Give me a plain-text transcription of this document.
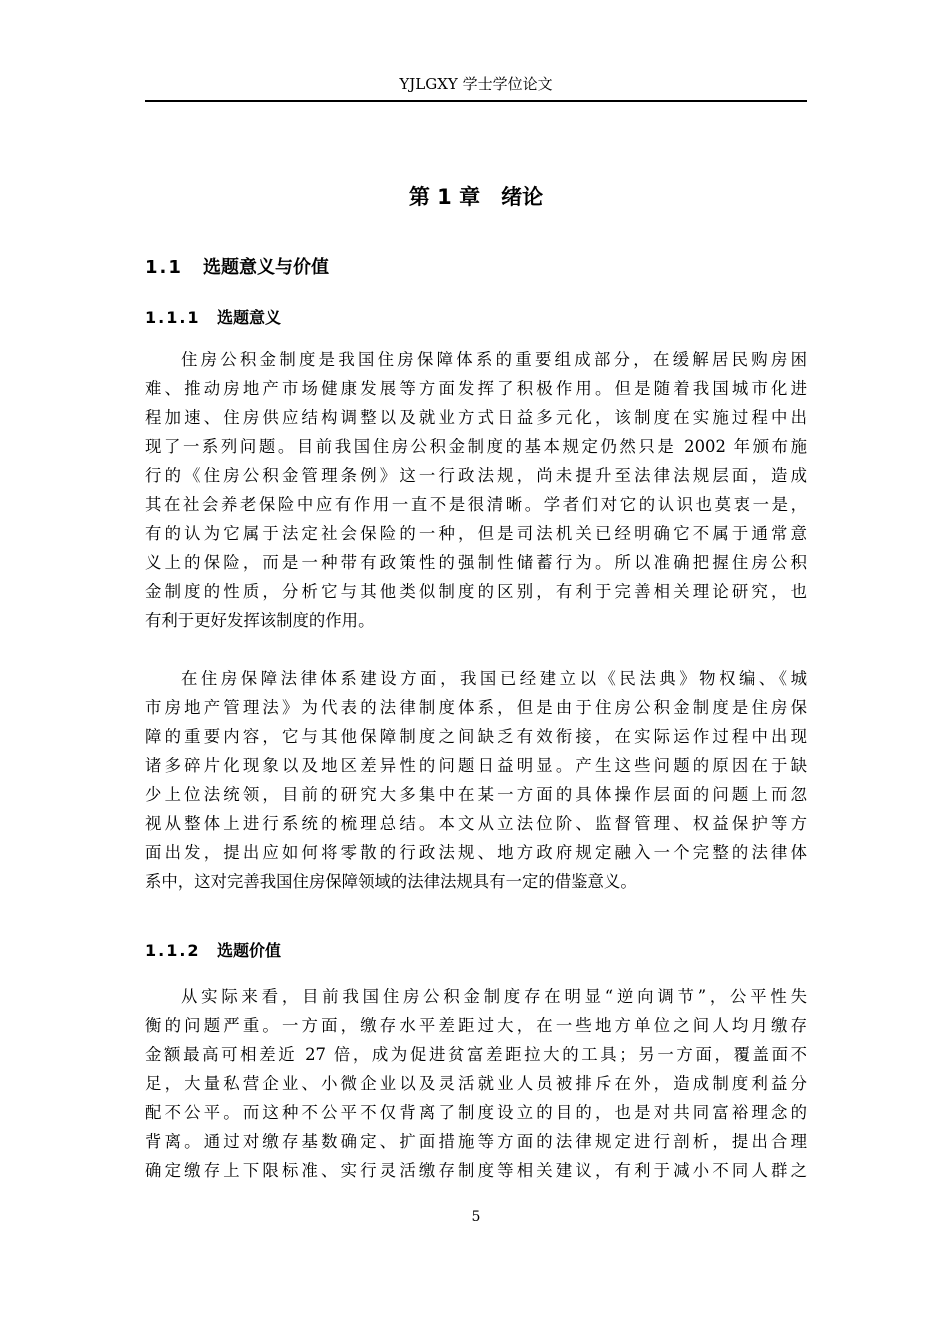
YJLGXY 学士学位论文
第 1 章　绪论
1.1 选题意义与价值
1.1.1 选题意义
住房公积金制度是我国住房保障体系的重要组成部分，在缓解居民购房困
难、推动房地产市场健康发展等方面发挥了积极作用。但是随着我国城市化进
程加速、住房供应结构调整以及就业方式日益多元化，该制度在实施过程中出
现了一系列问题。目前我国住房公积金制度的基本规定仍然只是 2002 年颁布施
行的《住房公积金管理条例》这一行政法规，尚未提升至法律法规层面，造成
其在社会养老保险中应有作用一直不是很清晰。学者们对它的认识也莫衷一是，
有的认为它属于法定社会保险的一种，但是司法机关已经明确它不属于通常意
义上的保险，而是一种带有政策性的强制性储蓄行为。所以准确把握住房公积
金制度的性质，分析它与其他类似制度的区别，有利于完善相关理论研究，也
有利于更好发挥该制度的作用。
在住房保障法律体系建设方面，我国已经建立以《民法典》物权编、《城
市房地产管理法》为代表的法律制度体系，但是由于住房公积金制度是住房保
障的重要内容，它与其他保障制度之间缺乏有效衔接，在实际运作过程中出现
诸多碎片化现象以及地区差异性的问题日益明显。产生这些问题的原因在于缺
少上位法统领，目前的研究大多集中在某一方面的具体操作层面的问题上而忽
视从整体上进行系统的梳理总结。本文从立法位阶、监督管理、权益保护等方
面出发，提出应如何将零散的行政法规、地方政府规定融入一个完整的法律体
系中，这对完善我国住房保障领域的法律法规具有一定的借鉴意义。
1.1.2 选题价值
从实际来看，目前我国住房公积金制度存在明显“逆向调节”，公平性失
衡的问题严重。一方面，缴存水平差距过大，在一些地方单位之间人均月缴存
金额最高可相差近 27 倍，成为促进贫富差距拉大的工具；另一方面，覆盖面不
足，大量私营企业、小微企业以及灵活就业人员被排斥在外，造成制度利益分
配不公平。而这种不公平不仅背离了制度设立的目的，也是对共同富裕理念的
背离。通过对缴存基数确定、扩面措施等方面的法律规定进行剖析，提出合理
确定缴存上下限标准、实行灵活缴存制度等相关建议，有利于减小不同人群之
5
